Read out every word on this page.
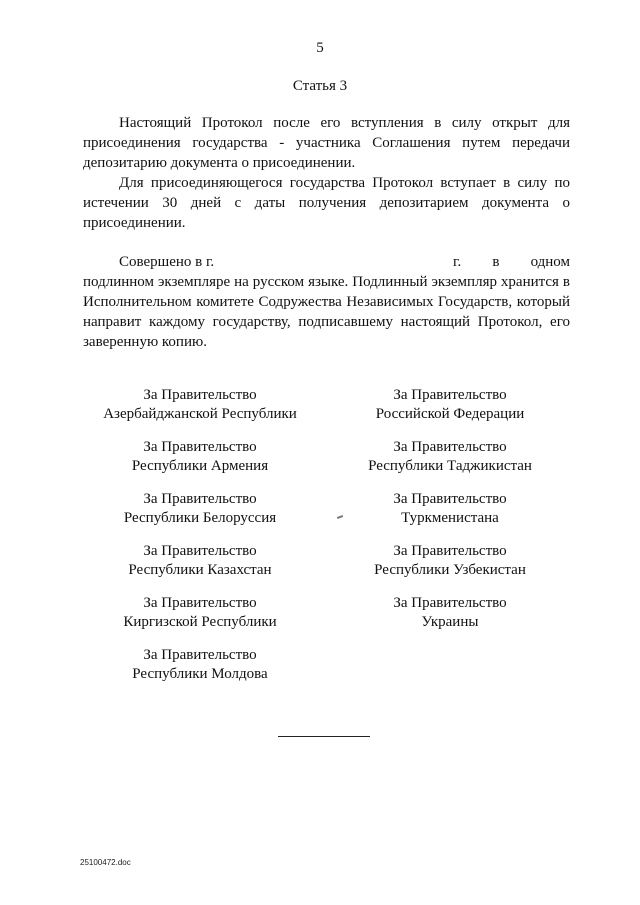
5
Статья 3
Настоящий Протокол после его вступления в силу открыт для присоединения государства - участника Соглашения путем передачи депозитарию документа о присоединении.
Для присоединяющегося государства Протокол вступает в силу по истечении 30 дней с даты получения депозитарием документа о присоединении.
Совершено в г.	г. в одном
подлинном экземпляре на русском языке. Подлинный экземпляр хранится в Исполнительном комитете Содружества Независимых Государств, который направит каждому государству, подписавшему настоящий Протокол, его заверенную копию.
За Правительство
Азербайджанской Республики
За Правительство
Республики Армения
За Правительство
Республики Белоруссия
За Правительство
Республики Казахстан
За Правительство
Киргизской Республики
За Правительство
Республики Молдова
За Правительство
Российской Федерации
За Правительство
Республики Таджикистан
За Правительство
Туркменистана
За Правительство
Республики Узбекистан
За Правительство
Украины
25100472.doc
